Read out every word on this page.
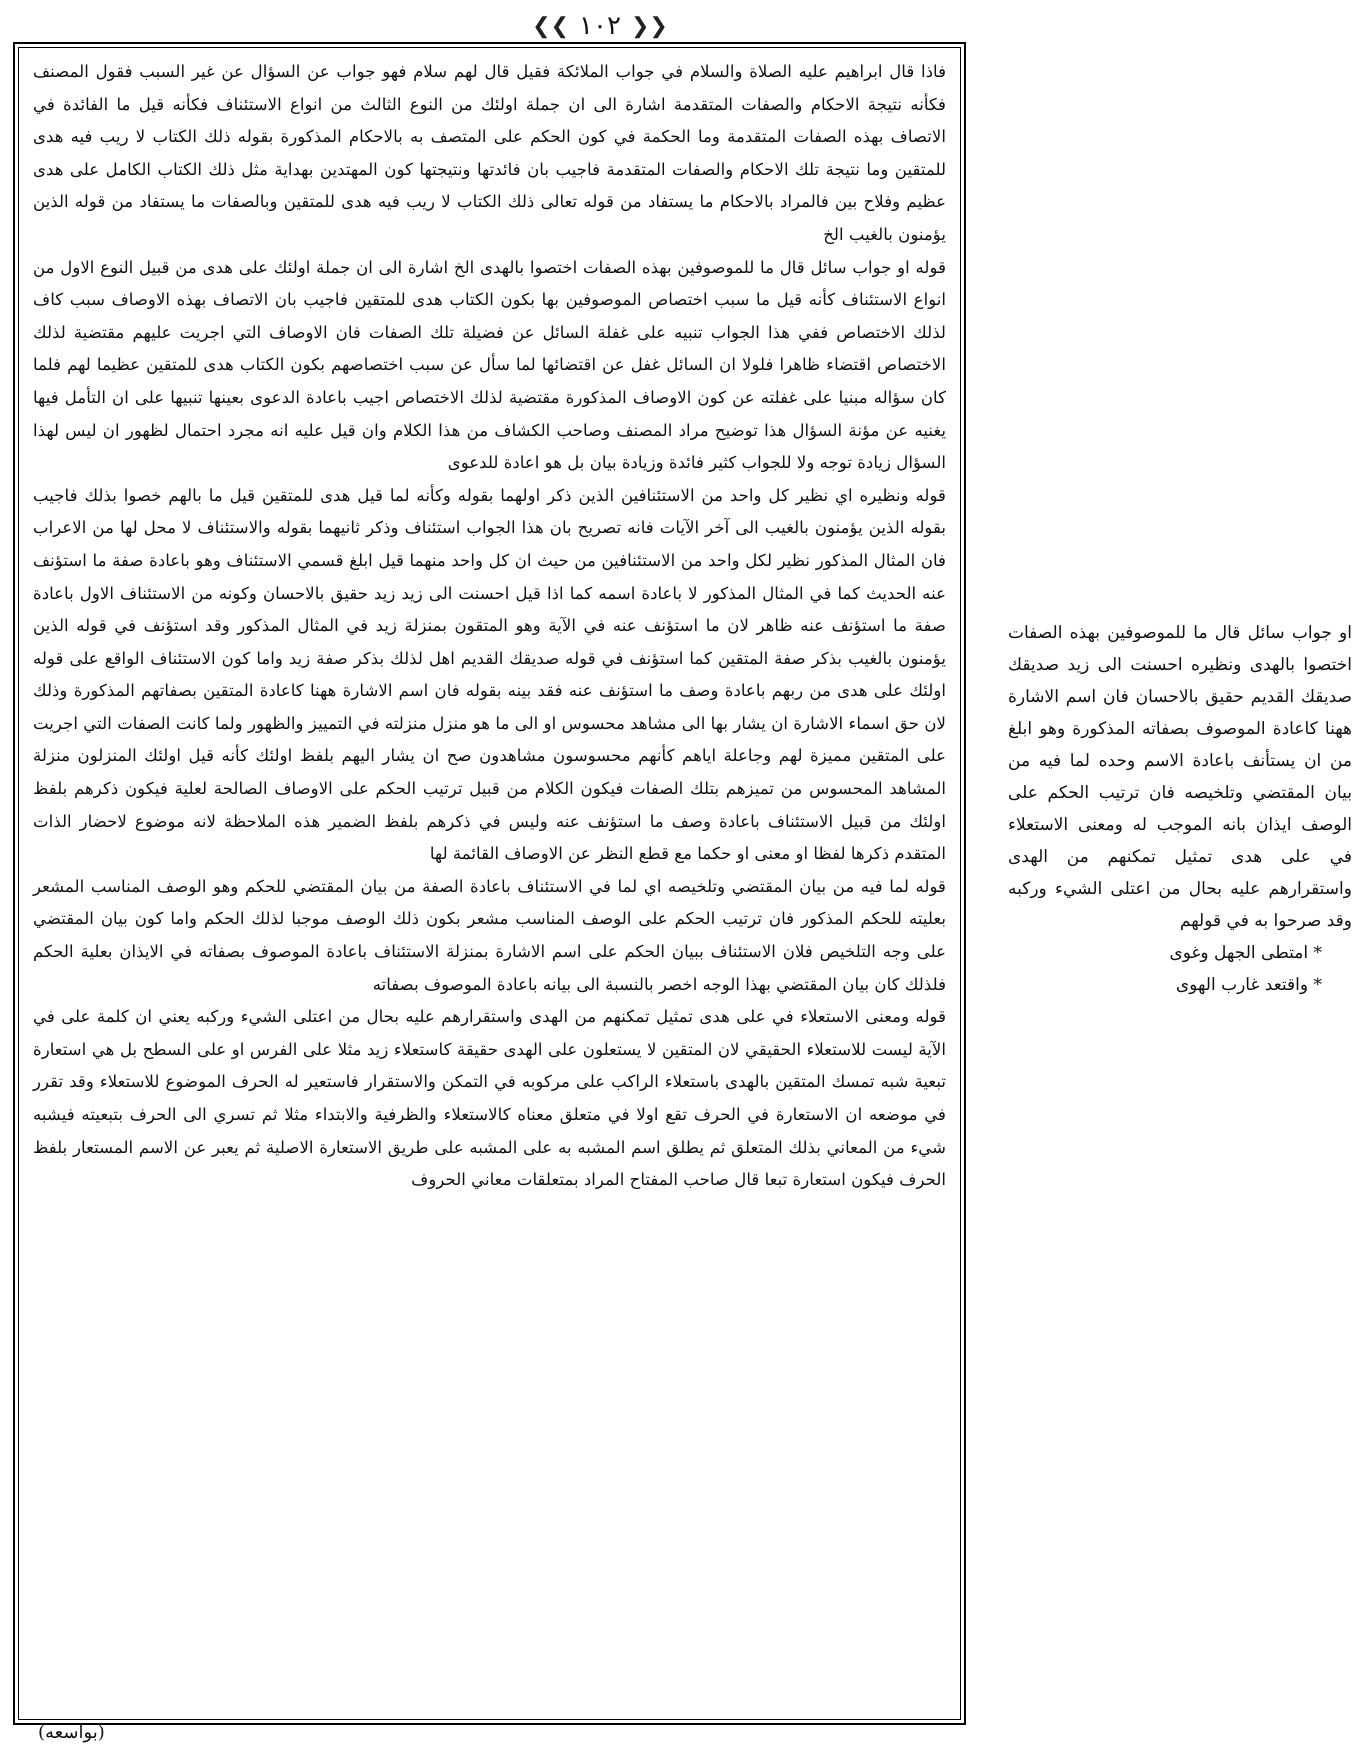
❮❮ ١٠٢ ❯❯

فاذا قال ابراهيم عليه الصلاة والسلام في جواب الملائكة فقيل قال لهم سلام فهو جواب عن السؤال عن غير السبب فقول المصنف فكأنه نتيجة الاحكام والصفات المتقدمة اشارة الى ان جملة اولئك من النوع الثالث من انواع الاستئناف فكأنه قيل ما الفائدة في الاتصاف بهذه الصفات المتقدمة وما الحكمة في كون الحكم على المتصف به بالاحكام المذكورة بقوله ذلك الكتاب لا ريب فيه هدى للمتقين وما نتيجة تلك الاحكام والصفات المتقدمة فاجيب بان فائدتها ونتيجتها كون المهتدين بهداية مثل ذلك الكتاب الكامل على هدى عظيم وفلاح بين فالمراد بالاحكام ما يستفاد من قوله تعالى ذلك الكتاب لا ريب فيه هدى للمتقين وبالصفات ما يستفاد من قوله الذين يؤمنون بالغيب الخ

قوله او جواب سائل قال ما للموصوفين بهذه الصفات اختصوا بالهدى الخ اشارة الى ان جملة اولئك على هدى من قبيل النوع الاول من انواع الاستئناف كأنه قيل ما سبب اختصاص الموصوفين بها بكون الكتاب هدى للمتقين فاجيب بان الاتصاف بهذه الاوصاف سبب كاف لذلك الاختصاص ففي هذا الجواب تنبيه على غفلة السائل عن فضيلة تلك الصفات فان الاوصاف التي اجريت عليهم مقتضية لذلك الاختصاص اقتضاء ظاهرا فلولا ان السائل غفل عن اقتضائها لما سأل عن سبب اختصاصهم بكون الكتاب هدى للمتقين عظيما لهم فلما كان سؤاله مبنيا على غفلته عن كون الاوصاف المذكورة مقتضية لذلك الاختصاص اجيب باعادة الدعوى بعينها تنبيها على ان التأمل فيها يغنيه عن مؤنة السؤال هذا توضيح مراد المصنف وصاحب الكشاف من هذا الكلام وان قيل عليه انه مجرد احتمال لظهور ان ليس لهذا السؤال زيادة توجه ولا للجواب كثير فائدة وزيادة بيان بل هو اعادة للدعوى

قوله ونظيره اي نظير كل واحد من الاستئنافين الذين ذكر اولهما بقوله وكأنه لما قيل هدى للمتقين قيل ما بالهم خصوا بذلك فاجيب بقوله الذين يؤمنون بالغيب الى آخر الآيات فانه تصريح بان هذا الجواب استئناف وذكر ثانيهما بقوله والاستئناف لا محل لها من الاعراب فان المثال المذكور نظير لكل واحد من الاستئنافين من حيث ان كل واحد منهما قيل ابلغ قسمي الاستئناف وهو باعادة صفة ما استؤنف عنه الحديث كما في المثال المذكور لا باعادة اسمه كما اذا قيل احسنت الى زيد زيد حقيق بالاحسان وكونه من الاستئناف الاول باعادة صفة ما استؤنف عنه ظاهر لان ما استؤنف عنه في الآية وهو المتقون بمنزلة زيد في المثال المذكور وقد استؤنف في قوله الذين يؤمنون بالغيب بذكر صفة المتقين كما استؤنف في قوله صديقك القديم اهل لذلك بذكر صفة زيد واما كون الاستئناف الواقع على قوله اولئك على هدى من ربهم باعادة وصف ما استؤنف عنه فقد بينه بقوله فان اسم الاشارة ههنا كاعادة المتقين بصفاتهم المذكورة وذلك لان حق اسماء الاشارة ان يشار بها الى مشاهد محسوس او الى ما هو منزل منزلته في التمييز والظهور ولما كانت الصفات التي اجريت على المتقين مميزة لهم وجاعلة اياهم كأنهم محسوسون مشاهدون صح ان يشار اليهم بلفظ اولئك كأنه قيل اولئك المنزلون منزلة المشاهد المحسوس من تميزهم بتلك الصفات فيكون الكلام من قبيل ترتيب الحكم على الاوصاف الصالحة لعلية فيكون ذكرهم بلفظ اولئك من قبيل الاستئناف باعادة وصف ما استؤنف عنه وليس في ذكرهم بلفظ الضمير هذه الملاحظة لانه موضوع لاحضار الذات المتقدم ذكرها لفظا او معنى او حكما مع قطع النظر عن الاوصاف القائمة لها

قوله لما فيه من بيان المقتضي وتلخيصه اي لما في الاستئناف باعادة الصفة من بيان المقتضي للحكم وهو الوصف المناسب المشعر بعليته للحكم المذكور فان ترتيب الحكم على الوصف المناسب مشعر بكون ذلك الوصف موجبا لذلك الحكم واما كون بيان المقتضي على وجه التلخيص فلان الاستئناف ببيان الحكم على اسم الاشارة بمنزلة الاستئناف باعادة الموصوف بصفاته في الايذان بعلية الحكم فلذلك كان بيان المقتضي بهذا الوجه اخصر بالنسبة الى بيانه باعادة الموصوف بصفاته

قوله ومعنى الاستعلاء في على هدى تمثيل تمكنهم من الهدى واستقرارهم عليه بحال من اعتلى الشيء وركبه يعني ان كلمة على في الآية ليست للاستعلاء الحقيقي لان المتقين لا يستعلون على الهدى حقيقة كاستعلاء زيد مثلا على الفرس او على السطح بل هي استعارة تبعية شبه تمسك المتقين بالهدى باستعلاء الراكب على مركوبه في التمكن والاستقرار فاستعير له الحرف الموضوع للاستعلاء وقد تقرر في موضعه ان الاستعارة في الحرف تقع اولا في متعلق معناه كالاستعلاء والظرفية والابتداء مثلا ثم تسري الى الحرف بتبعيته فيشبه شيء من المعاني بذلك المتعلق ثم يطلق اسم المشبه به على المشبه على طريق الاستعارة الاصلية ثم يعبر عن الاسم المستعار بلفظ الحرف فيكون استعارة تبعا قال صاحب المفتاح المراد بمتعلقات معاني الحروف

او جواب سائل قال ما للموصوفين بهذه الصفات اختصوا بالهدى ونظيره احسنت الى زيد صديقك صديقك القديم حقيق بالاحسان فان اسم الاشارة ههنا كاعادة الموصوف بصفاته المذكورة وهو ابلغ من ان يستأنف باعادة الاسم وحده لما فيه من بيان المقتضي وتلخيصه فان ترتيب الحكم على الوصف ايذان بانه الموجب له ومعنى الاستعلاء في على هدى تمثيل تمكنهم من الهدى واستقرارهم عليه بحال من اعتلى الشيء وركبه وقد صرحوا به في قولهم

* امتطى الجهل وغوى

* واقتعد غارب الهوى

(بواسعه)
